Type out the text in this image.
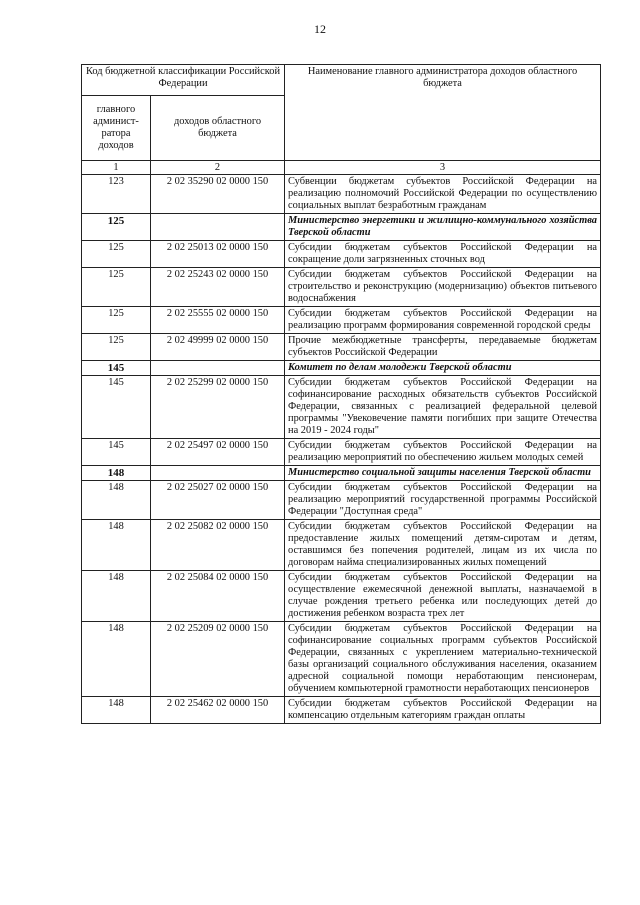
12
Код бюджетной классификации Российской Федерации		Наименование главного администратора доходов областного бюджета
главного админист-ратора доходов	доходов областного бюджета	
1	2	3
123	2 02 35290 02 0000 150	Субвенции бюджетам субъектов Российской Федерации на реализацию полномочий Российской Федерации по осуществлению социальных выплат безработным гражданам
125		Министерство энергетики и жилищно-коммунального хозяйства Тверской области
125	2 02 25013 02 0000 150	Субсидии бюджетам субъектов Российской Федерации на сокращение доли загрязненных сточных вод
125	2 02 25243 02 0000 150	Субсидии бюджетам субъектов Российской Федерации на строительство и реконструкцию (модернизацию) объектов питьевого водоснабжения
125	2 02 25555 02 0000 150	Субсидии бюджетам субъектов Российской Федерации на реализацию программ формирования современной городской среды
125	2 02 49999 02 0000 150	Прочие межбюджетные трансферты, передаваемые бюджетам субъектов Российской Федерации
145		Комитет по делам молодежи Тверской области
145	2 02 25299 02 0000 150	Субсидии бюджетам субъектов Российской Федерации на софинансирование расходных обязательств субъектов Российской Федерации, связанных с реализацией федеральной целевой программы "Увековечение памяти погибших при защите Отечества на 2019 - 2024 годы"
145	2 02 25497 02 0000 150	Субсидии бюджетам субъектов Российской Федерации на реализацию мероприятий по обеспечению жильем молодых семей
148		Министерство социальной защиты населения Тверской области
148	2 02 25027 02 0000 150	Субсидии бюджетам субъектов Российской Федерации на реализацию мероприятий государственной программы Российской Федерации "Доступная среда"
148	2 02 25082 02 0000 150	Субсидии бюджетам субъектов Российской Федерации на предоставление жилых помещений детям-сиротам и детям, оставшимся без попечения родителей, лицам из их числа по договорам найма специализированных жилых помещений
148	2 02 25084 02 0000 150	Субсидии бюджетам субъектов Российской Федерации на осуществление ежемесячной денежной выплаты, назначаемой в случае рождения третьего ребенка или последующих детей до достижения ребенком возраста трех лет
148	2 02 25209 02 0000 150	Субсидии бюджетам субъектов Российской Федерации на софинансирование социальных программ субъектов Российской Федерации, связанных с укреплением материально-технической базы организаций социального обслуживания населения, оказанием адресной социальной помощи неработающим пенсионерам, обучением компьютерной грамотности неработающих пенсионеров
148	2 02 25462 02 0000 150	Субсидии бюджетам субъектов Российской Федерации на компенсацию отдельным категориям граждан оплаты
